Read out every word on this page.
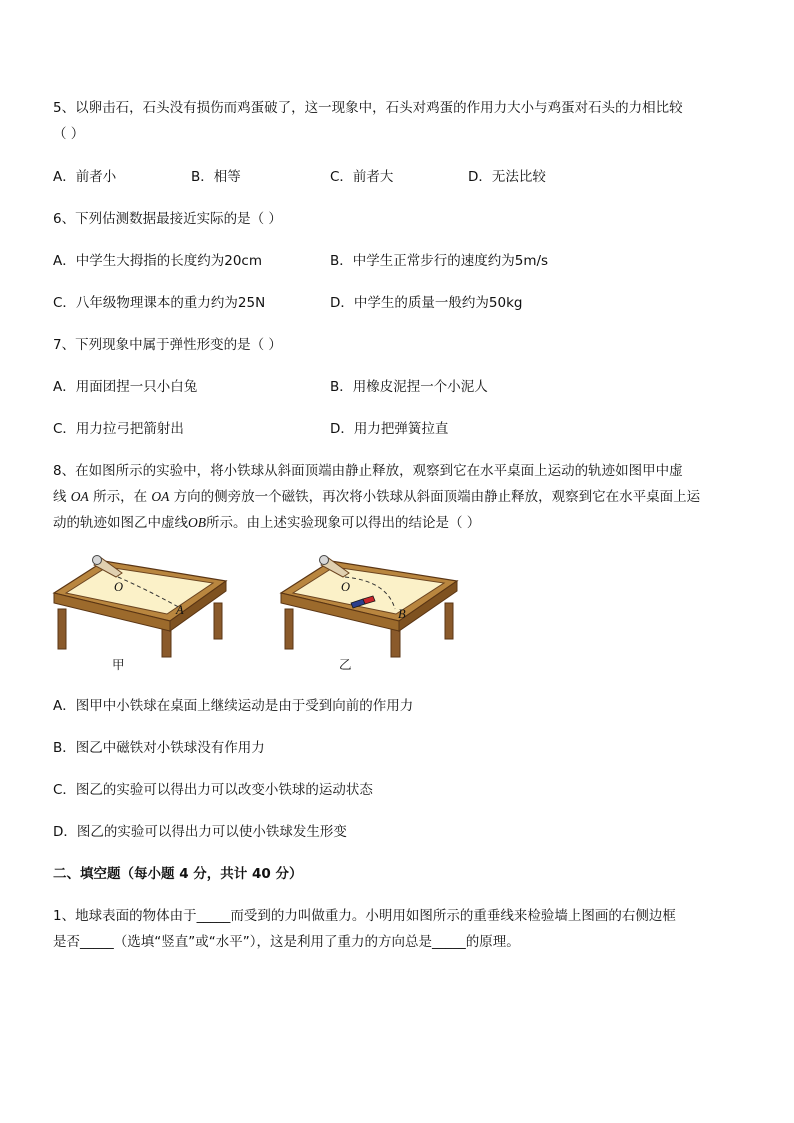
5、以卵击石，石头没有损伤而鸡蛋破了，这一现象中，石头对鸡蛋的作用力大小与鸡蛋对石头的力相比较
（ ）
A．前者小	B．相等	C．前者大	D．无法比较
6、下列估测数据最接近实际的是（ ）
A．中学生大拇指的长度约为20cm	B．中学生正常步行的速度约为5m/s
C．八年级物理课本的重力约为25N	D．中学生的质量一般约为50kg
7、下列现象中属于弹性形变的是（ ）
A．用面团捏一只小白兔	B．用橡皮泥捏一个小泥人
C．用力拉弓把箭射出	D．用力把弹簧拉直
8、在如图所示的实验中，将小铁球从斜面顶端由静止释放，观察到它在水平桌面上运动的轨迹如图甲中虚
线 OA 所示，在 OA 方向的侧旁放一个磁铁，再次将小铁球从斜面顶端由静止释放，观察到它在水平桌面上运
动的轨迹如图乙中虚线OB所示。由上述实验现象可以得出的结论是（ ）
O
A
甲
O
B
乙
A．图甲中小铁球在桌面上继续运动是由于受到向前的作用力
B．图乙中磁铁对小铁球没有作用力
C．图乙的实验可以得出力可以改变小铁球的运动状态
D．图乙的实验可以得出力可以使小铁球发生形变
二、填空题（每小题 4 分，共计 40 分）
1、地球表面的物体由于_____而受到的力叫做重力。小明用如图所示的重垂线来检验墙上图画的右侧边框
是否_____（选填“竖直”或“水平”），这是利用了重力的方向总是_____的原理。
